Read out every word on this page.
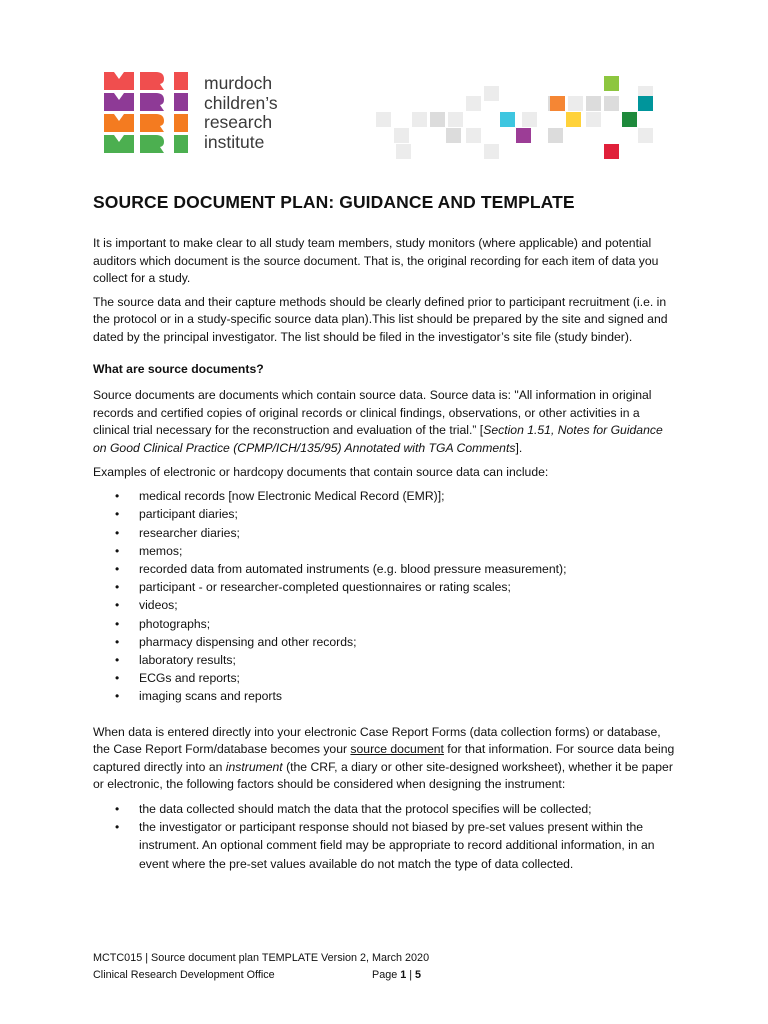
murdoch
children’s
research
institute
SOURCE DOCUMENT PLAN: GUIDANCE AND TEMPLATE

It is important to make clear to all study team members, study monitors (where applicable) and potential auditors which document is the source document. That is, the original recording for each item of data you collect for a study.

The source data and their capture methods should be clearly defined prior to participant recruitment (i.e. in the protocol or in a study-specific source data plan).This list should be prepared by the site and signed and dated by the principal investigator. The list should be filed in the investigator’s site file (study binder).

What are source documents?

Source documents are documents which contain source data. Source data is: "All information in original records and certified copies of original records or clinical findings, observations, or other activities in a clinical trial necessary for the reconstruction and evaluation of the trial.” [Section 1.51, Notes for Guidance on Good Clinical Practice (CPMP/ICH/135/95) Annotated with TGA Comments].

Examples of electronic or hardcopy documents that contain source data can include:

• medical records [now Electronic Medical Record (EMR)];
• participant diaries;
• researcher diaries;
• memos;
• recorded data from automated instruments (e.g. blood pressure measurement);
• participant - or researcher-completed questionnaires or rating scales;
• videos;
• photographs;
• pharmacy dispensing and other records;
• laboratory results;
• ECGs and reports;
• imaging scans and reports

When data is entered directly into your electronic Case Report Forms (data collection forms) or database, the Case Report Form/database becomes your source document for that information. For source data being captured directly into an instrument (the CRF, a diary or other site-designed worksheet), whether it be paper or electronic, the following factors should be considered when designing the instrument:

• the data collected should match the data that the protocol specifies will be collected;
• the investigator or participant response should not biased by pre-set values present within the instrument. An optional comment field may be appropriate to record additional information, in an event where the pre-set values available do not match the type of data collected.
MCTC015 | Source document plan TEMPLATE Version 2, March 2020
Clinical Research Development Office	Page 1 | 5
